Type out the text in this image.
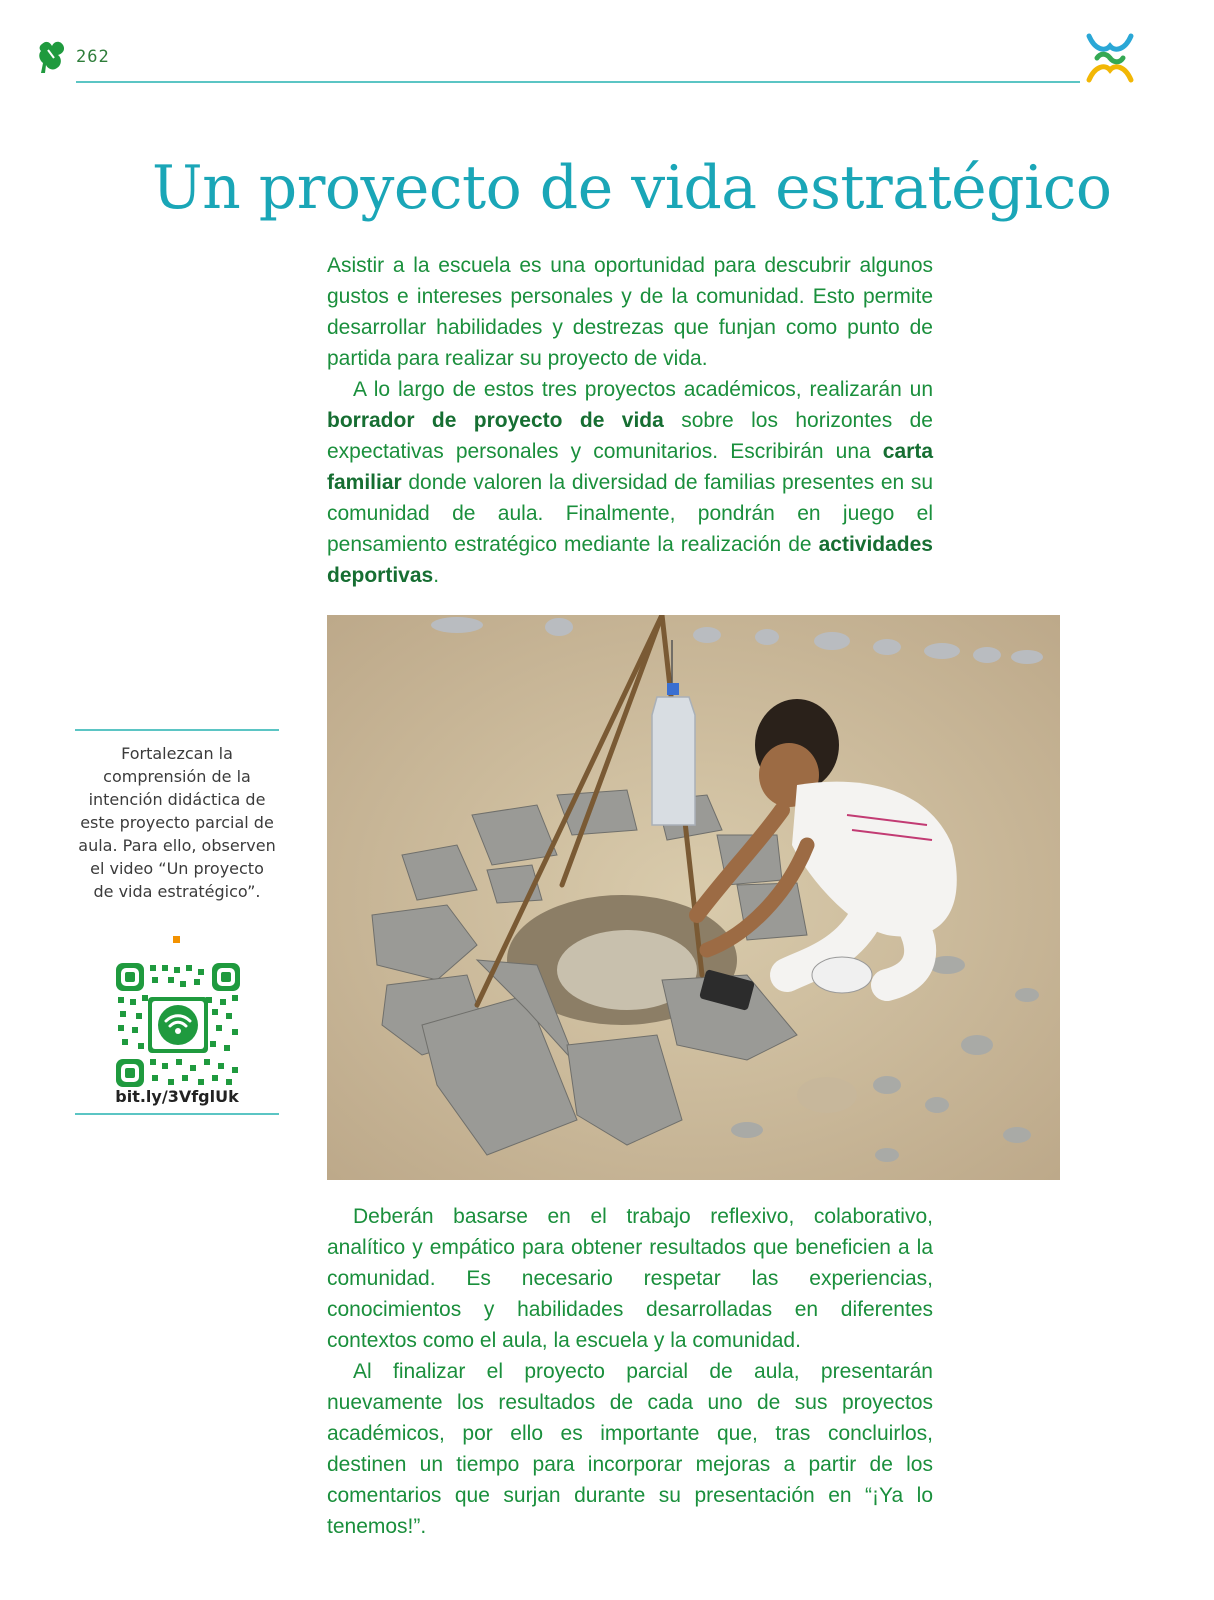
262
Un proyecto de vida estratégico

Asistir a la escuela es una oportunidad para descubrir algunos gustos e intereses personales y de la comunidad. Esto permite desarrollar habilidades y destrezas que funjan como punto de partida para realizar su proyecto de vida.

A lo largo de estos tres proyectos académicos, realizarán un borrador de proyecto de vida sobre los horizontes de expectativas personales y comunitarios. Escribirán una carta familiar donde valoren la diversidad de familias presentes en su comunidad de aula. Finalmente, pondrán en juego el pensamiento estratégico mediante la realización de actividades deportivas.

Fortalezcan la comprensión de la intención didáctica de este proyecto parcial de aula. Para ello, observen el video “Un proyecto de vida estratégico”.
bit.ly/3VfglUk

Deberán basarse en el trabajo reflexivo, colaborativo, analítico y empático para obtener resultados que beneficien a la comunidad. Es necesario respetar las experiencias, conocimientos y habilidades desarrolladas en diferentes contextos como el aula, la escuela y la comunidad.

Al finalizar el proyecto parcial de aula, presentarán nuevamente los resultados de cada uno de sus proyectos académicos, por ello es importante que, tras concluirlos, destinen un tiempo para incorporar mejoras a partir de los comentarios que surjan durante su presentación en “¡Ya lo tenemos!”.
